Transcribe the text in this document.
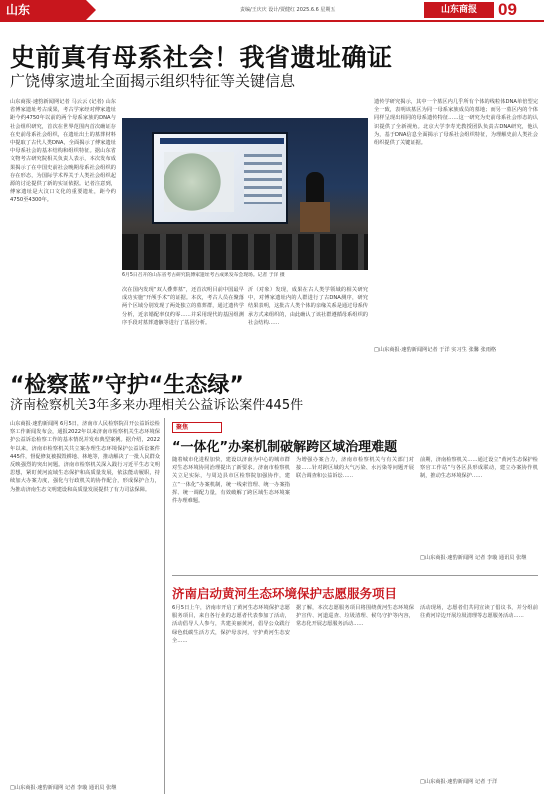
山东	责编/王庆庆 设计/贾健红 2025.6.6 星期五	山东商报	09
史前真有母系社会！我省遗址确证
广饶傅家遗址全面揭示组织特征等关键信息
山东商报·速豹新闻网记者 马云云 (记者) 山东省傅家遗址考古成果，考古学家经对傅家遗址距今约4750年以前的两个母系家族的DNA与社会组织研究，首次在世界范围内首次确证存在史前母系社会组织，在遗址出土的墓葬材料中提取了古代人类DNA，全面揭示了傅家遗址中母系社会的基本结构和组织特征。据山东省文物考古研究院相关负责人表示，本次发布成果揭示了在中国史前社会晚期母系社会组织的存在形态，为国际学术界关于人类社会组织起源的讨论提供了新的实证依据。记者注意到，傅家遗址是大汶口文化的重要遗址，距今约4750至4300年。
6月5日召开的山东省考古研究院傅家遗址考古成果发布会现场。记者 于洋 摄
次在国内发现“双人叠葬墓”，还首次明目前中国最早成功实施“开颅手术”的证据。本次，考古人员在聚落两个区域分别发现了两处独立的墓葬群，通过遗传学分析，近亲婚配率仅约零……并采用现代的基因组测序手段对墓葬遗骸等进行了基因分析。
沂（对象）发现，成果在古人类学领域的相关研究中，对傅家遗址内的人群进行了古DNA测序，研究结果表明，这批古人类个体的亲缘关系是通过母系传承方式来组织的，由此确认了该社群遵循母系组织的社会结构……
遗传学研究揭示，其中一个墓区内几乎所有个体的线粒体DNA单倍型完全一致，表明该墓区为同一母系家族成员的墓地；而另一墓区内的个体同样呈现出相同的母系遗传特征……这一研究为史前母系社会形态的认识提供了全新视角。北京大学李寿光教授团队负责古DNA研究，他认为，基于DNA信息全面揭示了母系社会组织特征，为理解史前人类社会组织提供了关键证据。
□山东商报·速豹新闻网记者 于洋 实习生 张馨 张雨格
“检察蓝”守护“生态绿”
济南检察机关3年多来办理相关公益诉讼案件445件
山东商报·速豹新闻网 6月5日，济南市人民检察院召开公益诉讼检察工作新闻发布会，通报2022年以来济南市检察机关生态环境保护公益诉讼检察工作的基本情况并发布典型案例。据介绍，2022年以来，济南市检察机关共立案办理生态环境保护公益诉讼案件445件，督促修复被损毁耕地、林地等，推动解决了一批人民群众反映强烈的突出问题。济南市检察机关深入践行习近平生态文明思想，紧盯黄河流域生态保护和高质量发展，依法能动履职，持续加大办案力度，强化与行政机关的协作配合，形成保护合力，为推动济南生态文明建设和高质量发展提供了有力司法保障。
□山东商报·速豹新闻网 记者 李璇 通讯员 张继
聚焦
“一体化”办案机制破解跨区域治理难题
随着城市化进程加快，建设以济南为中心的城市群对生态环境协同治理提出了新要求。济南市检察机关立足实际，与周边县市区检察院加强协作，建立“一体化”办案机制，统一线索管理、统一办案指挥、统一调配力量，有效破解了跨区域生态环境案件办理难题。
为增强办案合力，济南市检察机关与有关部门对接……针对跨区域的大气污染、水污染等问题开展联合调查和公益诉讼……
前期，济南检察机关……通过设立“黄河生态保护检察官工作站”与各区县形成联动，建立办案协作机制，推动生态环境保护……
□山东商报·速豹新闻网 记者 李璇 通讯员 张继
济南启动黄河生态环境保护志愿服务项目
6月5日上午，济南市开启了黄河生态环境保护志愿服务项目，来自各行业的志愿者代表参加了活动，活动倡导人人参与，共建美丽黄河，倡导公众践行绿色低碳生活方式，保护母亲河，守护黄河生态安全……
据了解，本次志愿服务项目将围绕黄河生态环境保护宣传、河道巡查、垃圾清理、候鸟守护等内容，常态化开展志愿服务活动……
活动现场，志愿者们共同宣读了倡议书，并分组前往黄河岸边开展垃圾清理等志愿服务活动……
□山东商报·速豹新闻网 记者 于洋
